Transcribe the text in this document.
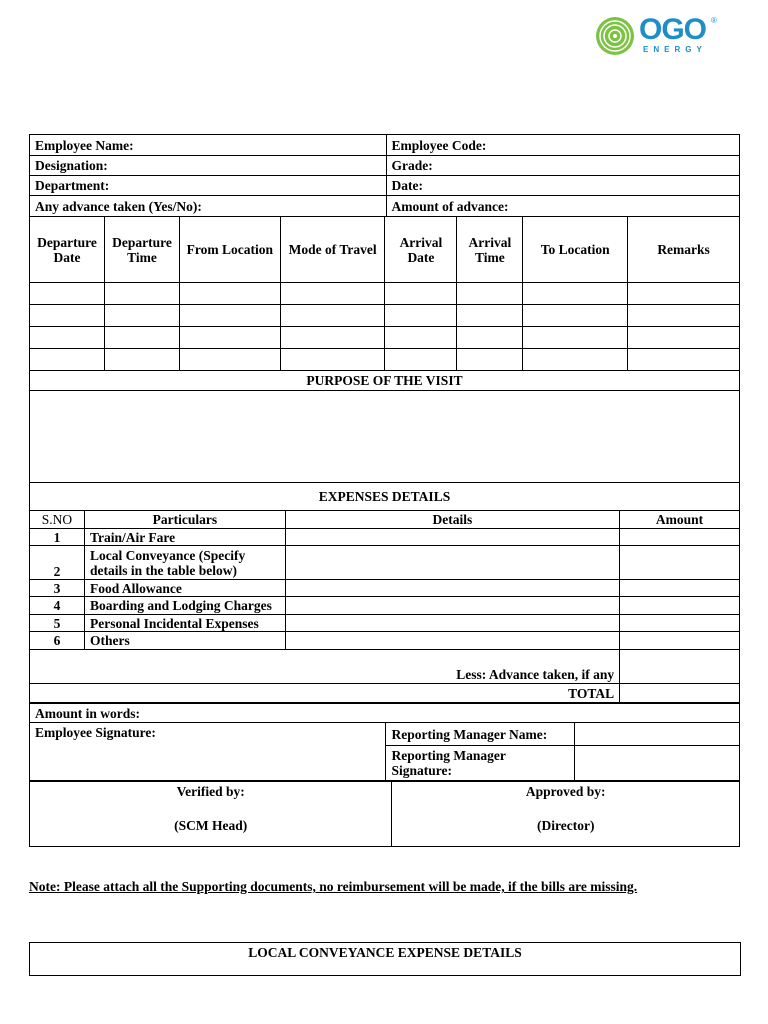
OGO ®
ENERGY
Employee Name:	Employee Code:
Designation:	Grade:
Department:	Date:
Any advance taken (Yes/No):	Amount of advance:
Departure Date	Departure Time	From Location	Mode of Travel	Arrival Date	Arrival Time	To Location	Remarks

PURPOSE OF THE VISIT							

EXPENSES DETAILS							
S.NO	Particulars	Details	Amount
1	Train/Air Fare		
2	Local Conveyance (Specify details in the table below)		
3	Food Allowance		
4	Boarding and Lodging Charges		
5	Personal Incidental Expenses		
6	Others		
Less: Advance taken, if any			
TOTAL			
Amount in words:		
Employee Signature:	Reporting Manager Name:	
	Reporting Manager Signature:	
Verified by:
(SCM Head)

Approved by:
(Director)
Note: Please attach all the Supporting documents, no reimbursement will be made, if the bills are missing.
LOCAL CONVEYANCE EXPENSE DETAILS
